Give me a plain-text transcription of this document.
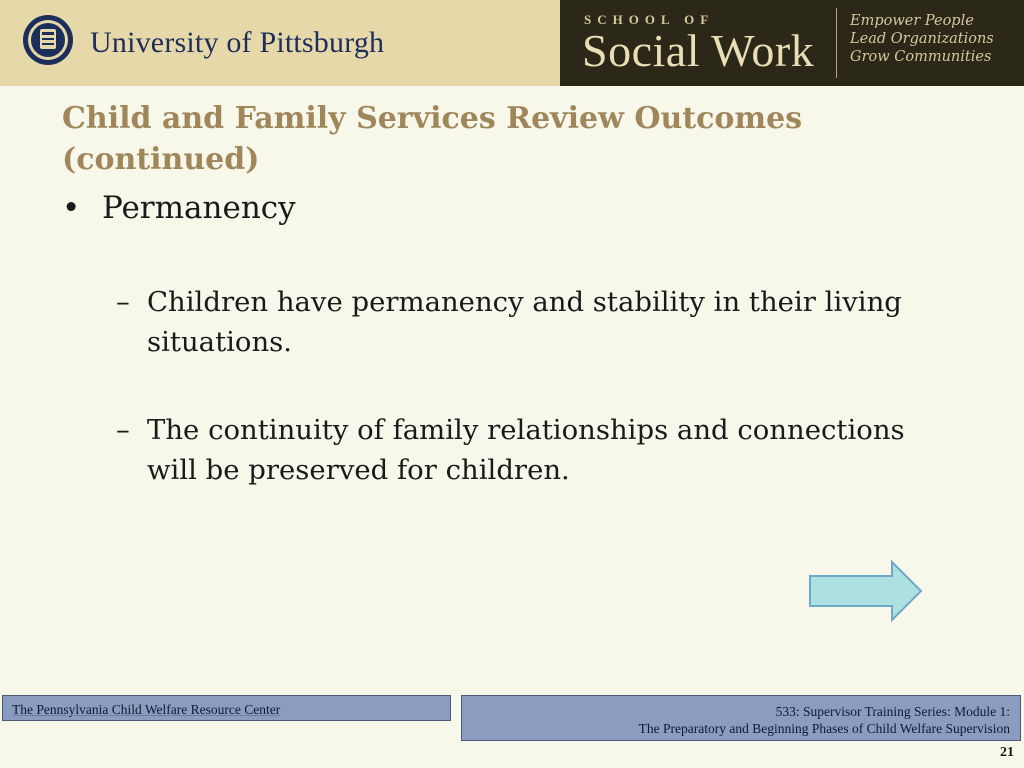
University of Pittsburgh
SCHOOL OF
Social Work
Empower People
Lead Organizations
Grow Communities
Child and Family Services Review Outcomes
(continued)
• Permanency
– Children have permanency and stability in their living
situations.
– The continuity of family relationships and connections
will be preserved for children.
The Pennsylvania Child Welfare Resource Center	533: Supervisor Training Series: Module 1:
The Preparatory and Beginning Phases of Child Welfare Supervision
21
